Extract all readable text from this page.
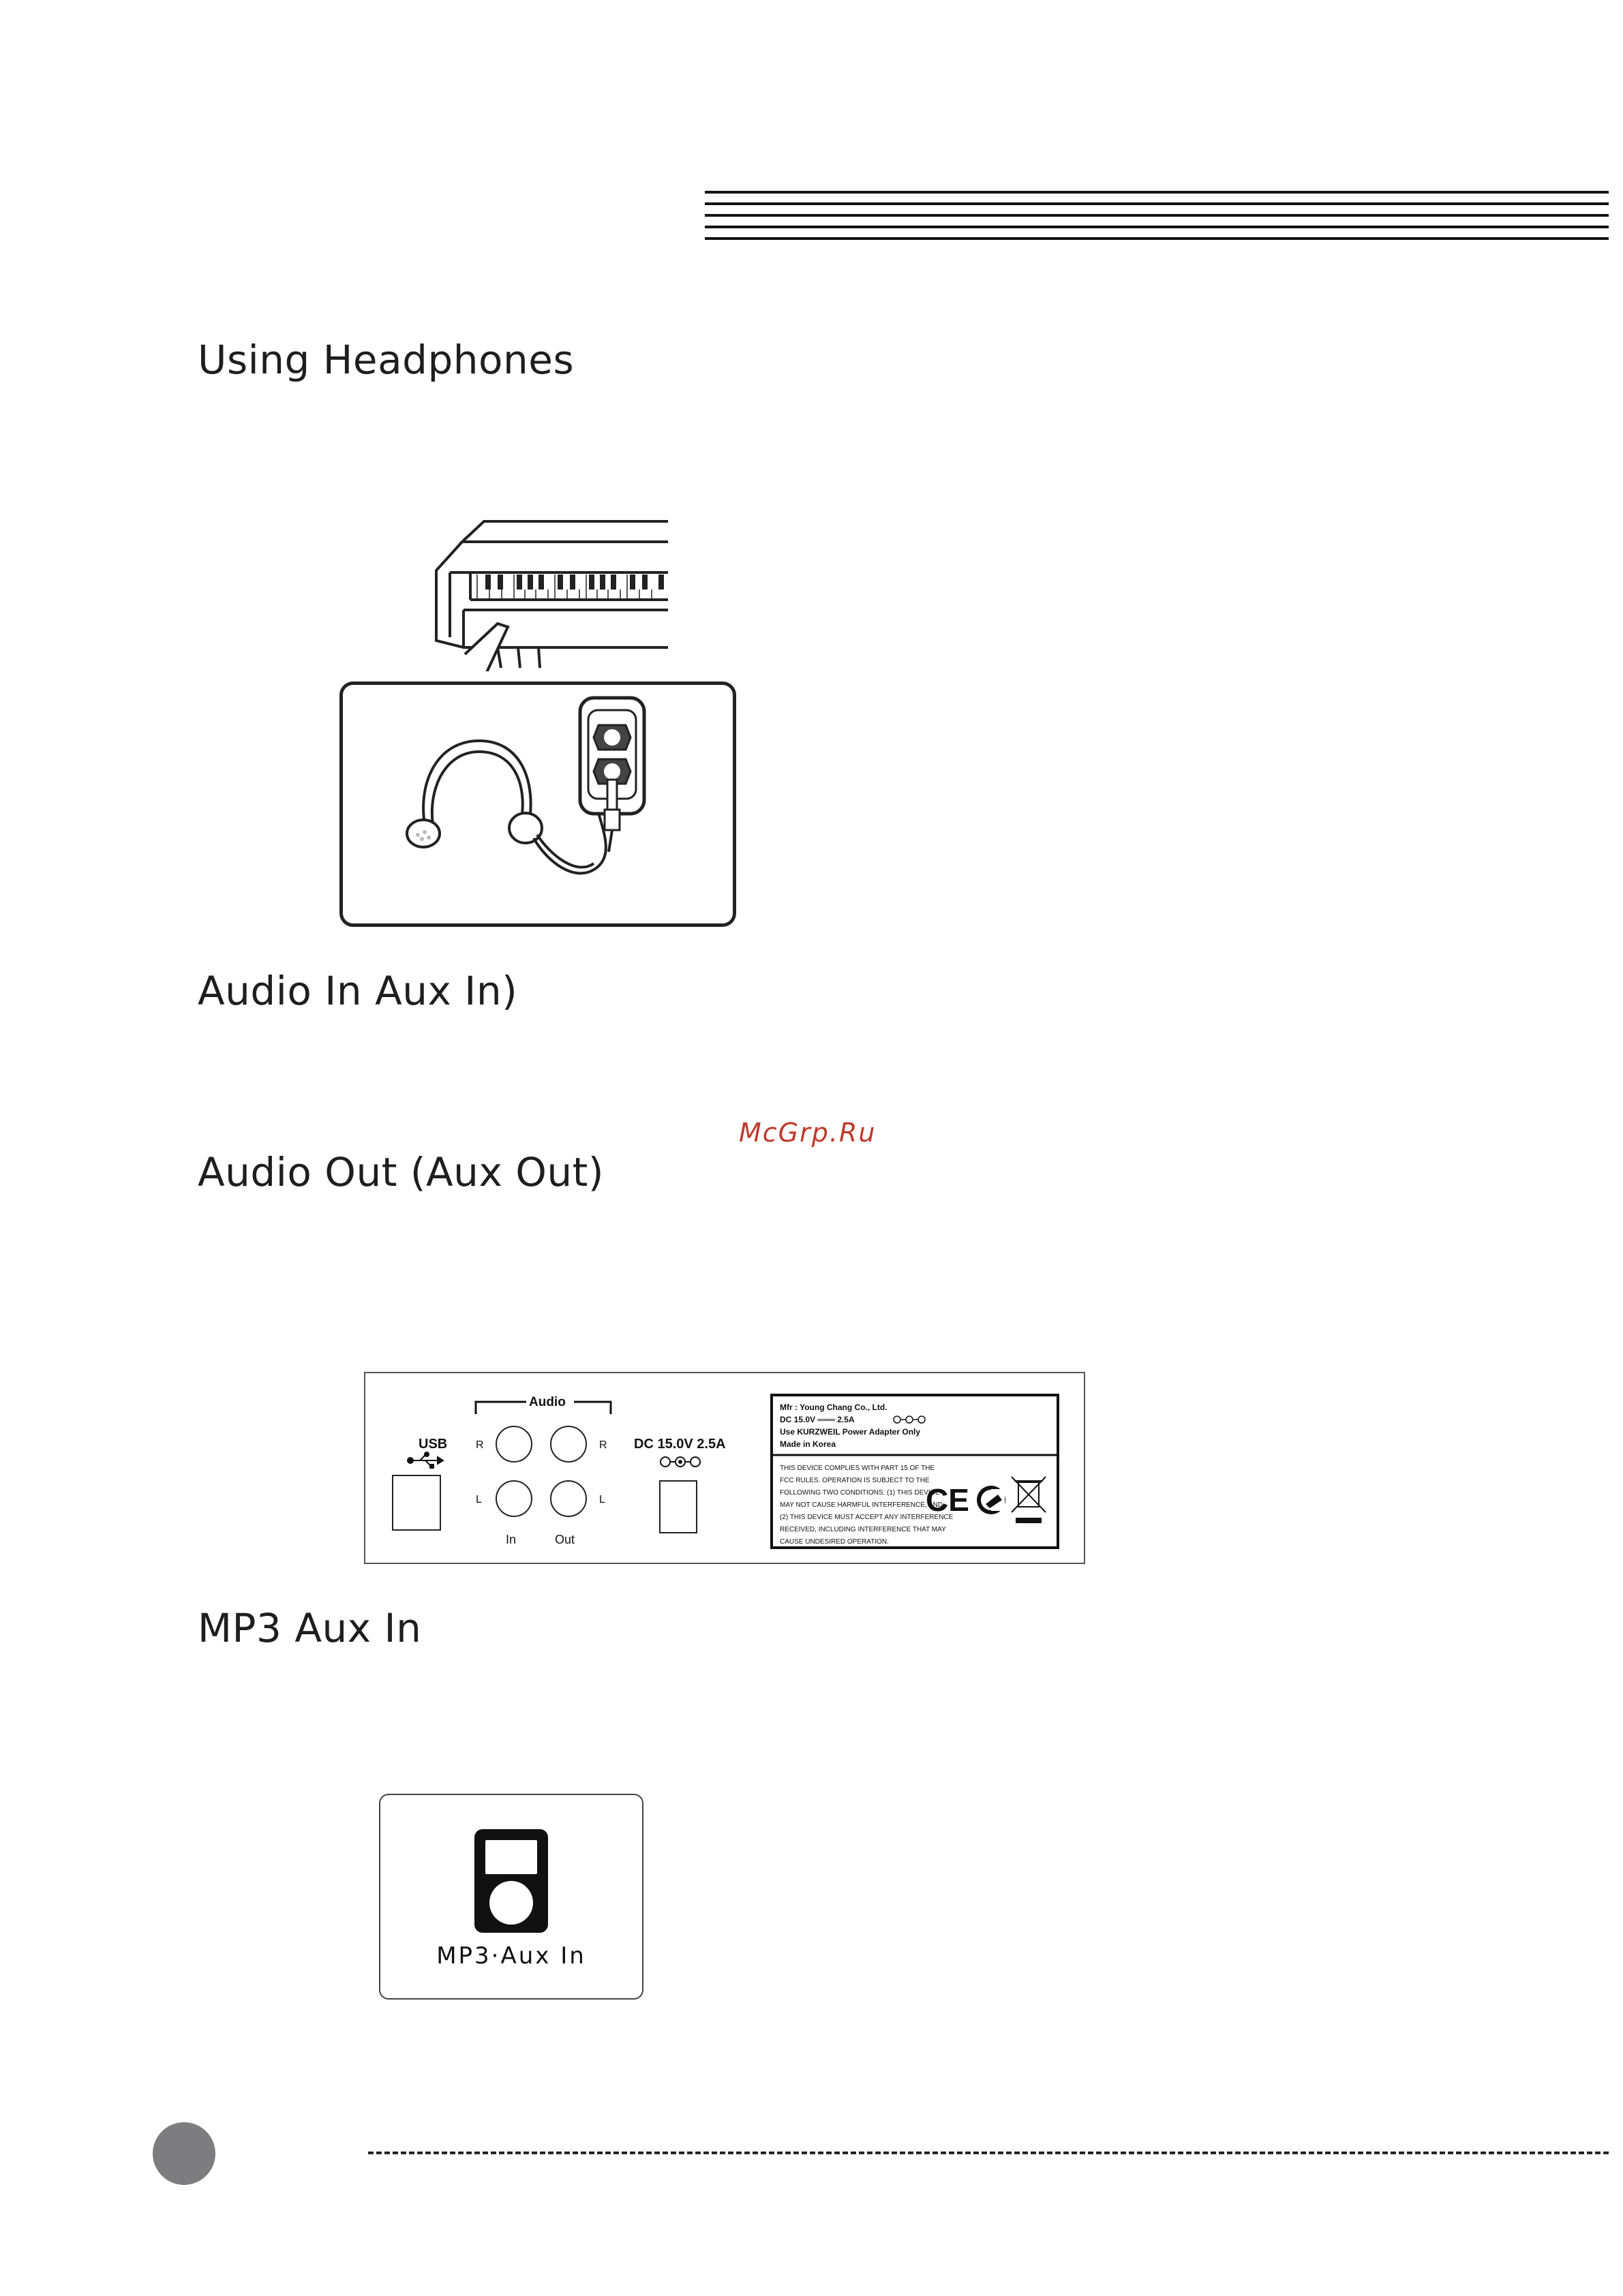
Using Headphones
Audio In Aux In)
Audio Out (Aux Out)
MP3 Aux In
McGrp.Ru
USB
Audio
R	R
L	L
In	Out
DC 15.0V 2.5A
Mfr : Young Chang Co., Ltd.
DC 15.0V ═══ 2.5A
Use KURZWEIL Power Adapter Only
Made in Korea
THIS DEVICE COMPLIES WITH PART 15 OF THE
FCC RULES. OPERATION IS SUBJECT TO THE
FOLLOWING TWO CONDITIONS: (1) THIS DEVICE
MAY NOT CAUSE HARMFUL INTERFERENCE, AND
(2) THIS DEVICE MUST ACCEPT ANY INTERFERENCE
RECEIVED, INCLUDING INTERFERENCE THAT MAY
CAUSE UNDESIRED OPERATION.
CE
MP3·Aux In
